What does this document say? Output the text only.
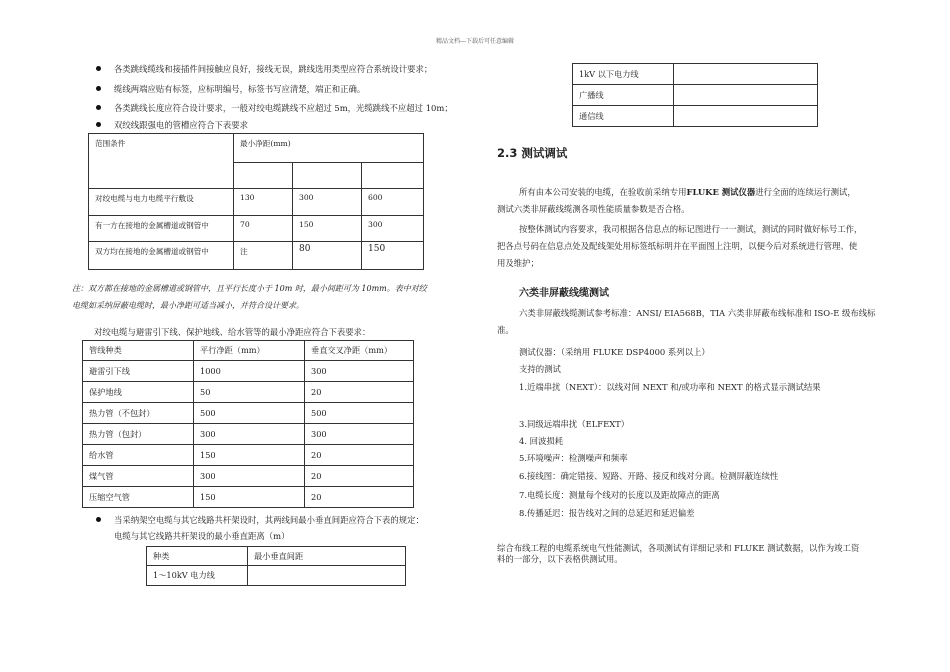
精品文档---下载后可任意编辑
各类跳线缆线和接插件间接触应良好，接线无误，跳线选用类型应符合系统设计要求；
缆线两端应贴有标签，应标明编号，标签书写应清楚，端正和正确。
各类跳线长度应符合设计要求，一般对绞电缆跳线不应超过 5m，光缆跳线不应超过 10m；
双绞线跟强电的管槽应符合下表要求
范围条件	最小净距(mm)		

对绞电缆与电力电缆平行敷设	130	300	600
有一方在接地的金属槽道或钢管中	70	150	300
双方均在接地的金属槽道或钢管中	注	80	150
注：双方都在接地的金属槽道或钢管中，且平行长度小于 10m 时，最小间距可为 10mm。表中对绞
电缆如采纳屏蔽电缆时，最小净距可适当减小，并符合设计要求。
对绞电缆与避雷引下线、保护地线、给水管等的最小净距应符合下表要求：
管线种类	平行净距（mm）	垂直交叉净距（mm）
避雷引下线	1000	300
保护地线	50	20
热力管（不包封）	500	500
热力管（包封）	300	300
给水管	150	20
煤气管	300	20
压缩空气管	150	20
当采纳架空电缆与其它线路共杆架设时，其两线间最小垂直间距应符合下表的规定：
电缆与其它线路共杆架设的最小垂直距离（m）
种类	最小垂直间距
1～10kV 电力线	
1kV 以下电力线	
广播线	
通信线	
2.3 测试调试
所有由本公司安装的电缆，在验收前采纳专用FLUKE 测试仪器进行全面的连续运行测试，
测试六类非屏蔽线缆测各项性能质量参数是否合格。
按整体测试内容要求，我司根据各信息点的标记图进行一一测试，测试的同时做好标号工作，
把各点号码在信息点处及配线架处用标签纸标明并在平面图上注明，以便今后对系统进行管理、使
用及维护；
六类非屏蔽线缆测试
六类非屏蔽线缆测试参考标准：ANSI/ EIA568B，TIA 六类非屏蔽布线标准和 ISO-E 级布线标
准。
测试仪器：（采纳用 FLUKE DSP4000 系列以上）
支持的测试
1.近端串扰（NEXT）：以线对间 NEXT 和/或功率和 NEXT 的格式显示测试结果
3.同级远端串扰（ELFEXT）
4. 回波损耗
5.环境噪声：检测噪声和频率
6.接线图：确定错接、短路、开路、接反和线对分离。检测屏蔽连续性
7.电缆长度：测量每个线对的长度以及距故障点的距离
8.传播延迟：报告线对之间的总延迟和延迟偏差
综合布线工程的电缆系统电气性能测试，各项测试有详细记录和 FLUKE 测试数据，以作为竣工资
料的一部分，以下表格供测试用。
